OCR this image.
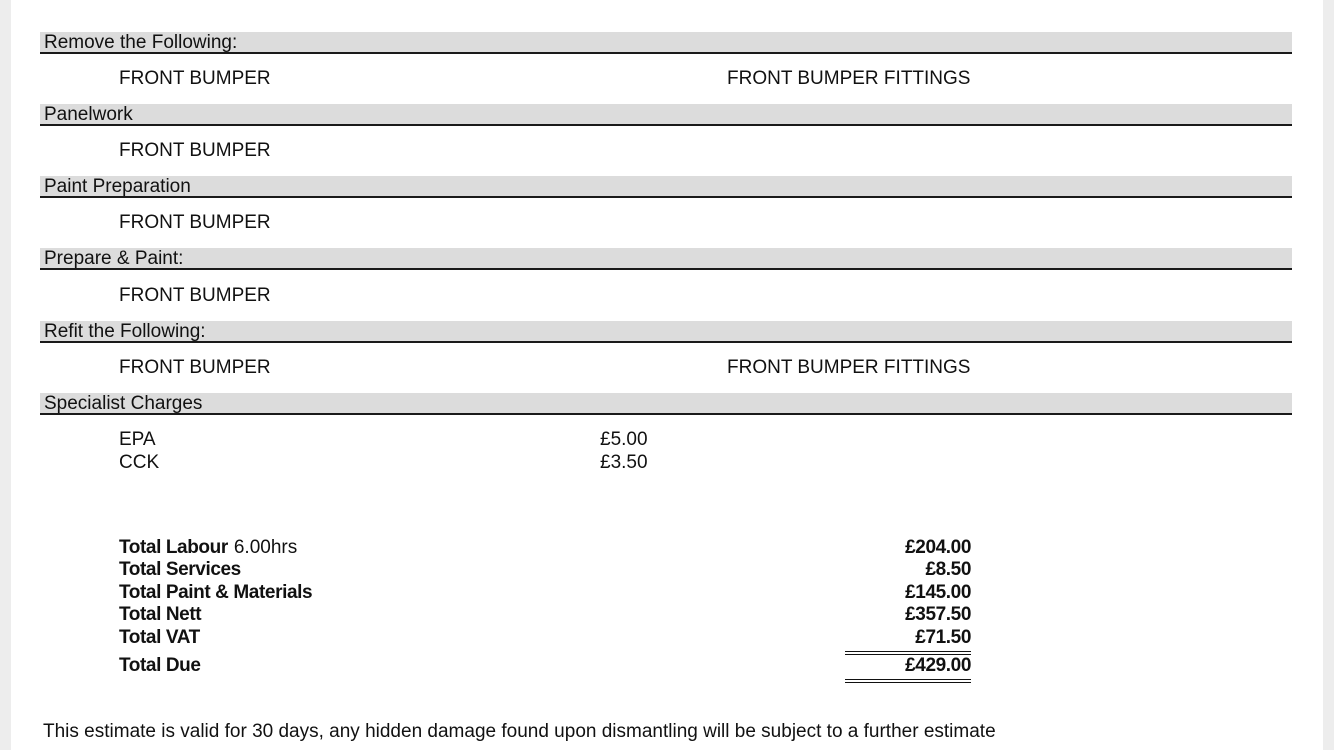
Remove the Following:
FRONT BUMPER	FRONT BUMPER FITTINGS
Panelwork
FRONT BUMPER
Paint Preparation
FRONT BUMPER
Prepare & Paint:
FRONT BUMPER
Refit the Following:
FRONT BUMPER	FRONT BUMPER FITTINGS
Specialist Charges
EPA	£5.00
CCK	£3.50
Total Labour 6.00hrs	£204.00
Total Services	£8.50
Total Paint & Materials	£145.00
Total Nett	£357.50
Total VAT	£71.50
Total Due	£429.00
This estimate is valid for 30 days, any hidden damage found upon dismantling will be subject to a further estimate
